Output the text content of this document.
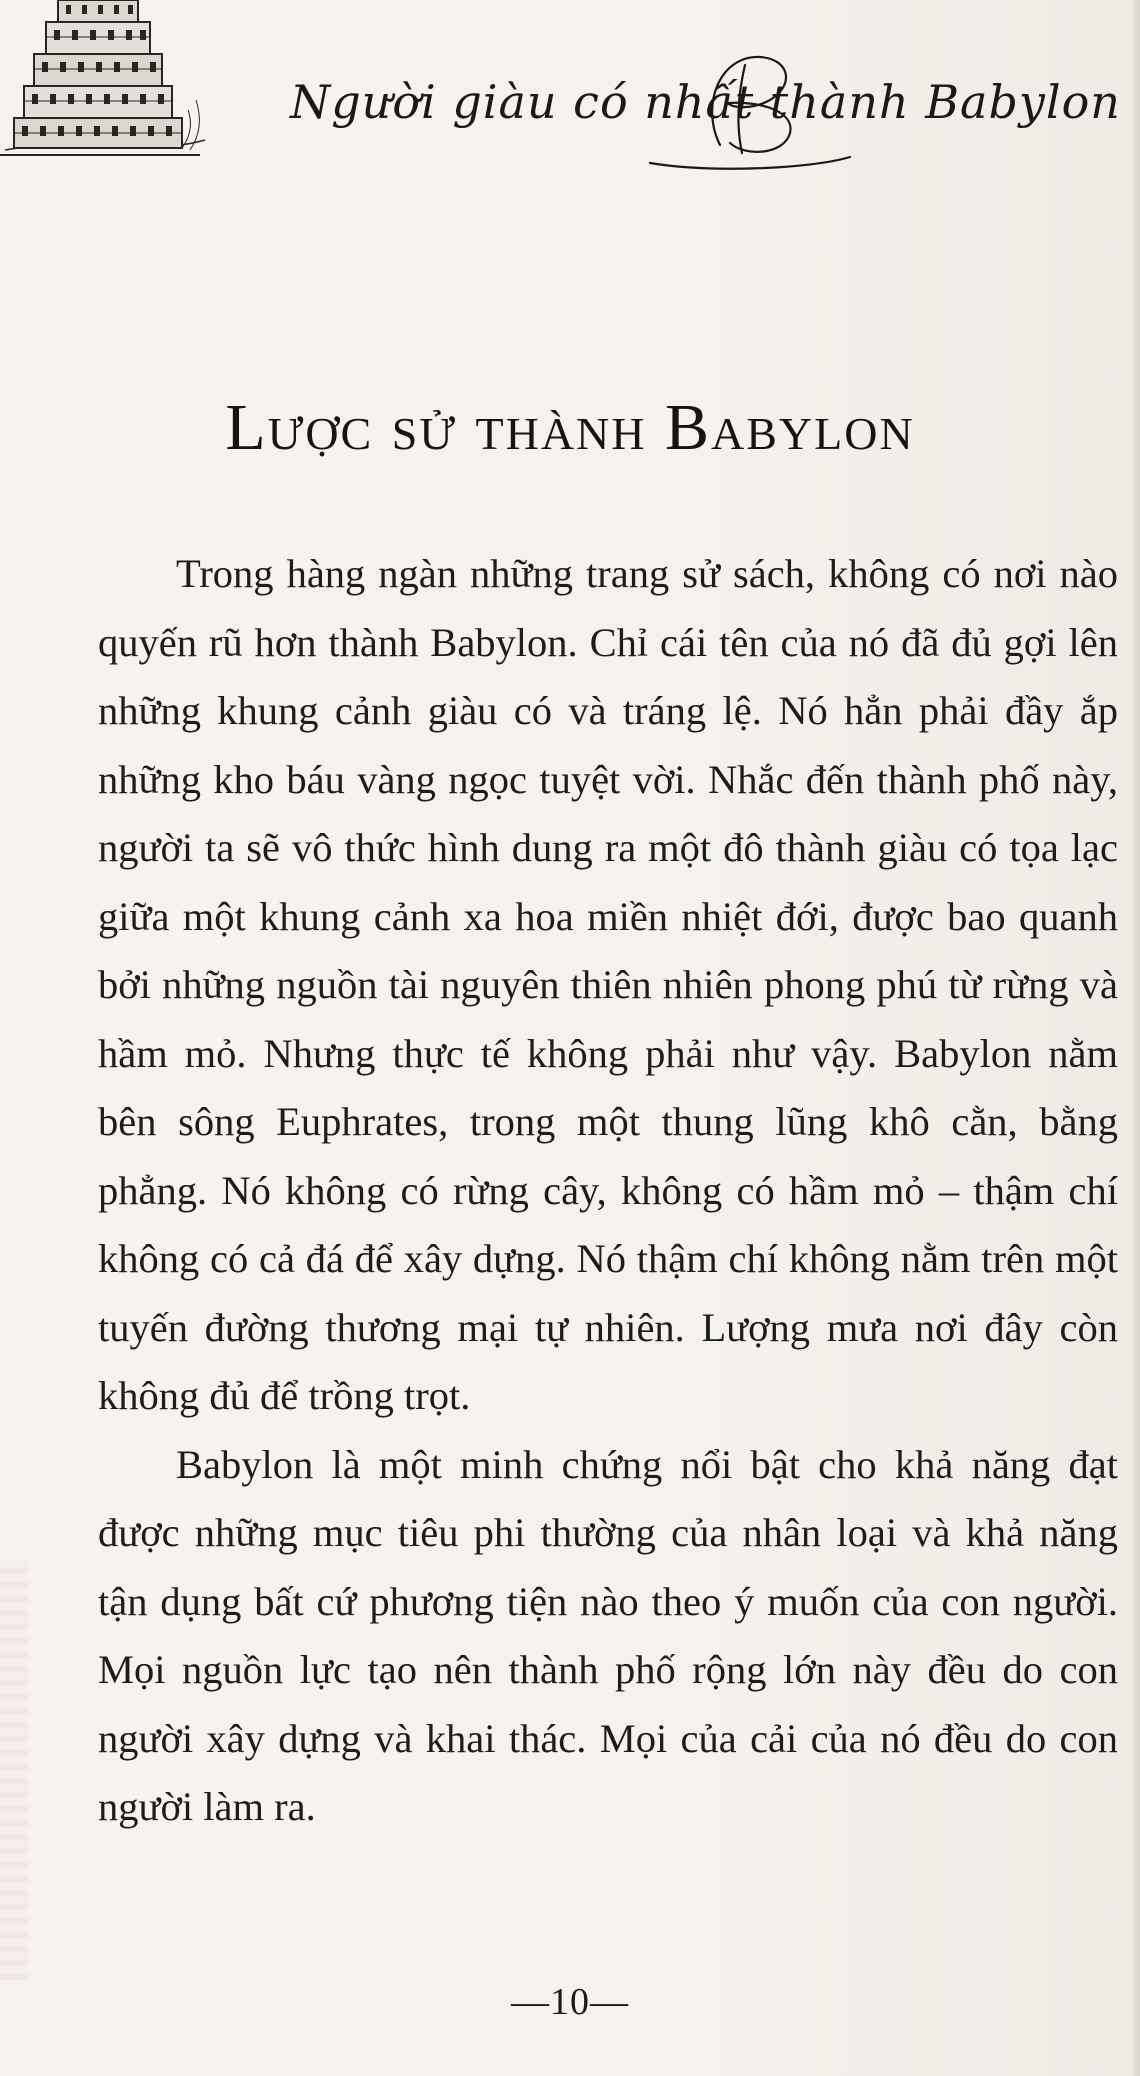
Người giàu có nhất thành Babylon
Lược sử thành Babylon

Trong hàng ngàn những trang sử sách, không có nơi nào quyến rũ hơn thành Babylon. Chỉ cái tên của nó đã đủ gợi lên những khung cảnh giàu có và tráng lệ. Nó hẳn phải đầy ắp những kho báu vàng ngọc tuyệt vời. Nhắc đến thành phố này, người ta sẽ vô thức hình dung ra một đô thành giàu có tọa lạc giữa một khung cảnh xa hoa miền nhiệt đới, được bao quanh bởi những nguồn tài nguyên thiên nhiên phong phú từ rừng và hầm mỏ. Nhưng thực tế không phải như vậy. Babylon nằm bên sông Euphrates, trong một thung lũng khô cằn, bằng phẳng. Nó không có rừng cây, không có hầm mỏ – thậm chí không có cả đá để xây dựng. Nó thậm chí không nằm trên một tuyến đường thương mại tự nhiên. Lượng mưa nơi đây còn không đủ để trồng trọt.

Babylon là một minh chứng nổi bật cho khả năng đạt được những mục tiêu phi thường của nhân loại và khả năng tận dụng bất cứ phương tiện nào theo ý muốn của con người. Mọi nguồn lực tạo nên thành phố rộng lớn này đều do con người xây dựng và khai thác. Mọi của cải của nó đều do con người làm ra.

—10—
